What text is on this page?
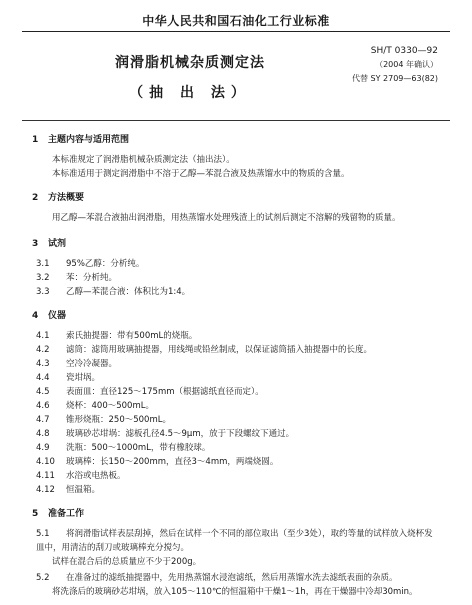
中华人民共和国石油化工行业标准
润滑脂机械杂质测定法
（抽 出 法）
SH/T 0330—92
（2004 年确认）
代替 SY 2709—63(82)
1 主题内容与适用范围
本标准规定了润滑脂机械杂质测定法（抽出法）。
本标准适用于测定润滑脂中不溶于乙醇—苯混合液及热蒸馏水中的物质的含量。
2 方法概要
用乙醇—苯混合液抽出润滑脂，用热蒸馏水处理残渣上的试剂后测定不溶解的残留物的质量。
3 试剂
3.1 95%乙醇：分析纯。
3.2 苯：分析纯。
3.3 乙醇—苯混合液：体积比为1:4。
4 仪器
4.1 索氏抽提器：带有500mL的烧瓶。
4.2 滤筒：滤筒用玻璃抽提器，用线绳或铅丝制成，以保证滤筒插入抽提器中的长度。
4.3 空冷冷凝器。
4.4 瓷坩埚。
4.5 表面皿：直径125～175mm（根据滤纸直径而定）。
4.6 烧杯：400～500mL。
4.7 锥形烧瓶：250～500mL。
4.8 玻璃砂芯坩埚：滤板孔径4.5～9μm，放于下段螺纹下通过。
4.9 洗瓶：500～1000mL，带有橡胶球。
4.10 玻璃棒：长150～200mm，直径3～4mm，两端烧圆。
4.11 水浴或电热板。
4.12 恒温箱。
5 准备工作
5.1 将润滑脂试样表层刮掉，然后在试样一个不同的部位取出（至少3处），取约等量的试样放入烧杯发
皿中，用清洁的刮刀或玻璃棒充分搅匀。
试样在混合后的总质量应不少于200g。
5.2 在准备过的滤纸抽提器中，先用热蒸馏水浸泡滤纸，然后用蒸馏水洗去滤纸表面的杂质。
将洗涤后的玻璃砂芯坩埚，放入105～110℃的恒温箱中干燥1～1h，再在干燥器中冷却30min。
